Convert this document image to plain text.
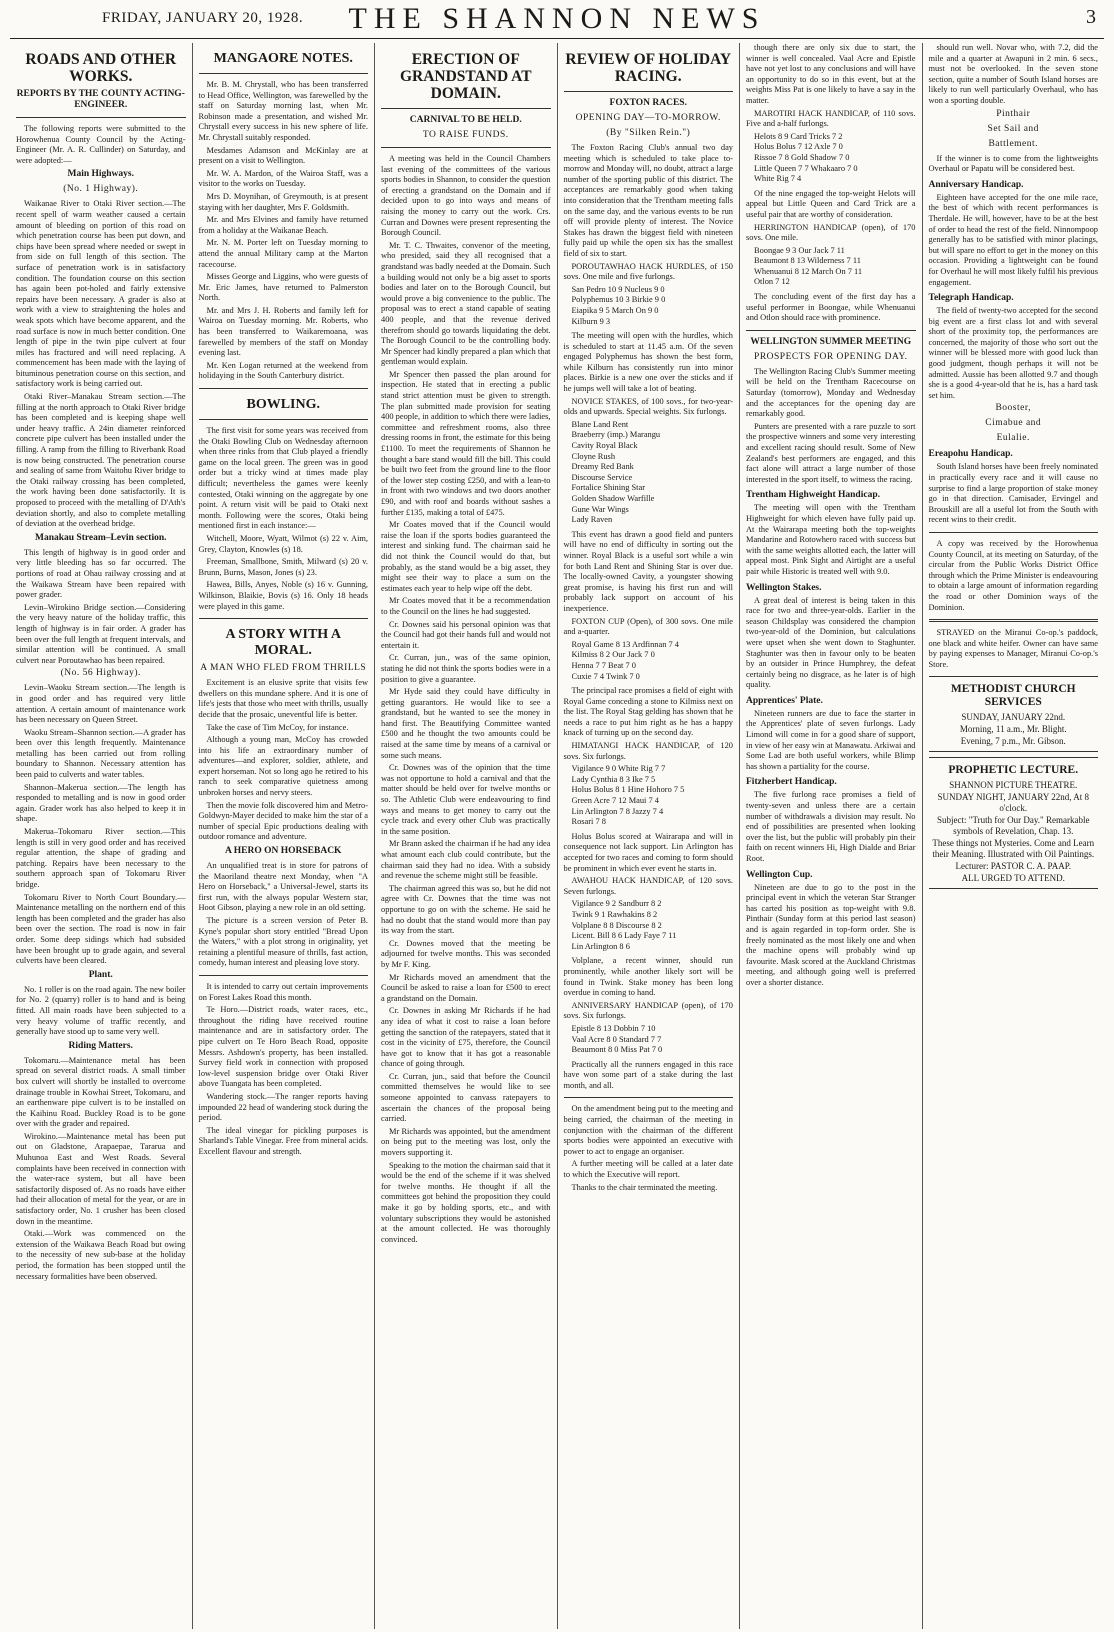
FRIDAY, JANUARY 20, 1928.	THE SHANNON NEWS	3
ROADS AND OTHER WORKS.
REPORTS BY THE COUNTY ACTING-ENGINEER.

The following reports were submitted to the Horowhenua County Council by the Acting-Engineer (Mr. A. R. Cullinder) on Saturday, and were adopted:—

Main Highways.
(No. 1 Highway).

Waikanae River to Otaki River section.—The recent spell of warm weather caused a certain amount of bleeding on portion of this road on which penetration course has been put down, and chips have been spread where needed or swept in from side on full length of this section. The surface of penetration work is in satisfactory condition. The foundation course on this section has again been pot-holed and fairly extensive repairs have been necessary. A grader is also at work with a view to straightening the holes and weak spots which have become apparent, and the road surface is now in much better condition. One length of pipe in the twin pipe culvert at four miles has fractured and will need replacing. A commencement has been made with the laying of bituminous penetration course on this section, and satisfactory work is being carried out.

Otaki River–Manakau Stream section.—The filling at the north approach to Otaki River bridge has been completed and is keeping shape well under heavy traffic. A 24in diameter reinforced concrete pipe culvert has been installed under the filling. A ramp from the filling to Riverbank Road is now being constructed. The penetration course and sealing of same from Waitohu River bridge to the Otaki railway crossing has been completed, the work having been done satisfactorily. It is proposed to proceed with the metalling of D'Ath's deviation shortly, and also to complete metalling of deviation at the overhead bridge.

Manakau Stream–Levin section.

This length of highway is in good order and very little bleeding has so far occurred. The portions of road at Ohau railway crossing and at the Waikawa Stream have been repaired with power grader.

Levin–Wirokino Bridge section.—Considering the very heavy nature of the holiday traffic, this length of highway is in fair order. A grader has been over the full length at frequent intervals, and similar attention will be continued. A small culvert near Poroutawhao has been repaired.

(No. 56 Highway).

Levin–Waoku Stream section.—The length is in good order and has required very little attention. A certain amount of maintenance work has been necessary on Queen Street.

Waoku Stream–Shannon section.—A grader has been over this length frequently. Maintenance metalling has been carried out from rolling boundary to Shannon. Necessary attention has been paid to culverts and water tables.

Shannon–Makerua section.—The length has responded to metalling and is now in good order again. Grader work has also helped to keep it in shape.

Makerua–Tokomaru River section.—This length is still in very good order and has received regular attention, the shape of grading and patching. Repairs have been necessary to the southern approach span of Tokomaru River bridge.

Tokomaru River to North Court Boundary.—Maintenance metalling on the northern end of this length has been completed and the grader has also been over the section. The road is now in fair order. Some deep sidings which had subsided have been brought up to grade again, and several culverts have been cleared.

Plant.

No. 1 roller is on the road again. The new boiler for No. 2 (quarry) roller is to hand and is being fitted. All main roads have been subjected to a very heavy volume of traffic recently, and generally have stood up to same very well.

Riding Matters.

Tokomaru.—Maintenance metal has been spread on several district roads. A small timber box culvert will shortly be installed to overcome drainage trouble in Kowhai Street, Tokomaru, and an earthenware pipe culvert is to be installed on the Kaihinu Road. Buckley Road is to be gone over with the grader and repaired.

Wirokino.—Maintenance metal has been put out on Gladstone, Arapaepae, Tararua and Muhunoa East and West Roads. Several complaints have been received in connection with the water-race system, but all have been satisfactorily disposed of. As no roads have either had their allocation of metal for the year, or are in satisfactory order, No. 1 crusher has been closed down in the meantime.

Otaki.—Work was commenced on the extension of the Waikawa Beach Road but owing to the necessity of new sub-base at the holiday period, the formation has been stopped until the necessary formalities have been observed.

MANGAORE NOTES.

Mr. B. M. Chrystall, who has been transferred to Head Office, Wellington, was farewelled by the staff on Saturday morning last, when Mr. Robinson made a presentation, and wished Mr. Chrystall every success in his new sphere of life. Mr. Chrystall suitably responded.

Mesdames Adamson and McKinlay are at present on a visit to Wellington.

Mr. W. A. Mardon, of the Wairoa Staff, was a visitor to the works on Tuesday.

Mrs D. Moynihan, of Greymouth, is at present staying with her daughter, Mrs F. Goldsmith.

Mr. and Mrs Elvines and family have returned from a holiday at the Waikanae Beach.

Mr. N. M. Porter left on Tuesday morning to attend the annual Military camp at the Marton racecourse.

Misses George and Liggins, who were guests of Mr. Eric James, have returned to Palmerston North.

Mr. and Mrs J. H. Roberts and family left for Wairoa on Tuesday morning. Mr. Roberts, who has been transferred to Waikaremoana, was farewelled by members of the staff on Monday evening last.

Mr. Ken Logan returned at the weekend from holidaying in the South Canterbury district.

BOWLING.

The first visit for some years was received from the Otaki Bowling Club on Wednesday afternoon when three rinks from that Club played a friendly game on the local green. The green was in good order but a tricky wind at times made play difficult; nevertheless the games were keenly contested, Otaki winning on the aggregate by one point. A return visit will be paid to Otaki next month. Following were the scores, Otaki being mentioned first in each instance:—

Witchell, Moore, Wyatt, Wilmot (s) 22 v. Aim, Grey, Clayton, Knowles (s) 18.

Freeman, Smallbone, Smith, Milward (s) 20 v. Brunn, Burns, Mason, Jones (s) 23.

Hawea, Bills, Anyes, Noble (s) 16 v. Gunning, Wilkinson, Blaikie, Bovis (s) 16. Only 18 heads were played in this game.

A STORY WITH A MORAL.
A MAN WHO FLED FROM THRILLS

Excitement is an elusive sprite that visits few dwellers on this mundane sphere. And it is one of life's jests that those who meet with thrills, usually decide that the prosaic, uneventful life is better.

Take the case of Tim McCoy, for instance.

Although a young man, McCoy has crowded into his life an extraordinary number of adventures—and explorer, soldier, athlete, and expert horseman. Not so long ago he retired to his ranch to seek comparative quietness among unbroken horses and nervy steers.

Then the movie folk discovered him and Metro-Goldwyn-Mayer decided to make him the star of a number of special Epic productions dealing with outdoor romance and adventure.

A HERO ON HORSEBACK

An unqualified treat is in store for patrons of the Maoriland theatre next Monday, when "A Hero on Horseback," a Universal-Jewel, starts its first run, with the always popular Western star, Hoot Gibson, playing a new role in an old setting.

The picture is a screen version of Peter B. Kyne's popular short story entitled "Bread Upon the Waters," with a plot strong in originality, yet retaining a plentiful measure of thrills, fast action, comedy, human interest and pleasing love story.

It is intended to carry out certain improvements on Forest Lakes Road this month.

Te Horo.—District roads, water races, etc., throughout the riding have received routine maintenance and are in satisfactory order. The pipe culvert on Te Horo Beach Road, opposite Messrs. Ashdown's property, has been installed. Survey field work in connection with proposed low-level suspension bridge over Otaki River above Tuangata has been completed.

Wandering stock.—The ranger reports having impounded 22 head of wandering stock during the period.

The ideal vinegar for pickling purposes is Sharland's Table Vinegar. Free from mineral acids. Excellent flavour and strength.

ERECTION OF GRANDSTAND AT DOMAIN.
CARNIVAL TO BE HELD.
TO RAISE FUNDS.

A meeting was held in the Council Chambers last evening of the committees of the various sports bodies in Shannon, to consider the question of erecting a grandstand on the Domain and if decided upon to go into ways and means of raising the money to carry out the work. Crs. Curran and Downes were present representing the Borough Council.

Mr. T. C. Thwaites, convenor of the meeting, who presided, said they all recognised that a grandstand was badly needed at the Domain. Such a building would not only be a big asset to sports bodies and later on to the Borough Council, but would prove a big convenience to the public. The proposal was to erect a stand capable of seating 400 people, and that the revenue derived therefrom should go towards liquidating the debt. The Borough Council to be the controlling body. Mr Spencer had kindly prepared a plan which that gentleman would explain.

Mr Spencer then passed the plan around for inspection. He stated that in erecting a public stand strict attention must be given to strength. The plan submitted made provision for seating 400 people, in addition to which there were ladies, committee and refreshment rooms, also three dressing rooms in front, the estimate for this being £1100. To meet the requirements of Shannon he thought a bare stand would fill the bill. This could be built two feet from the ground line to the floor of the lower step costing £250, and with a lean-to in front with two windows and two doors another £90, and with roof and boards without sashes a further £135, making a total of £475.

Mr Coates moved that if the Council would raise the loan if the sports bodies guaranteed the interest and sinking fund. The chairman said he did not think the Council would do that, but probably, as the stand would be a big asset, they might see their way to place a sum on the estimates each year to help wipe off the debt.

Mr Coates moved that it be a recommendation to the Council on the lines he had suggested.

Cr. Downes said his personal opinion was that the Council had got their hands full and would not entertain it.

Cr. Curran, jun., was of the same opinion, stating he did not think the sports bodies were in a position to give a guarantee.

Mr Hyde said they could have difficulty in getting guarantors. He would like to see a grandstand, but he wanted to see the money in hand first. The Beautifying Committee wanted £500 and he thought the two amounts could be raised at the same time by means of a carnival or some such means.

Cr. Downes was of the opinion that the time was not opportune to hold a carnival and that the matter should be held over for twelve months or so. The Athletic Club were endeavouring to find ways and means to get money to carry out the cycle track and every other Club was practically in the same position.

Mr Brann asked the chairman if he had any idea what amount each club could contribute, but the chairman said they had no idea. With a subsidy and revenue the scheme might still be feasible.

The chairman agreed this was so, but he did not agree with Cr. Downes that the time was not opportune to go on with the scheme. He said he had no doubt that the stand would more than pay its way from the start.

Cr. Downes moved that the meeting be adjourned for twelve months. This was seconded by Mr F. King.

Mr Richards moved an amendment that the Council be asked to raise a loan for £500 to erect a grandstand on the Domain.

Cr. Downes in asking Mr Richards if he had any idea of what it cost to raise a loan before getting the sanction of the ratepayers, stated that it cost in the vicinity of £75, therefore, the Council have got to know that it has got a reasonable chance of going through.

Cr. Curran, jun., said that before the Council committed themselves he would like to see someone appointed to canvass ratepayers to ascertain the chances of the proposal being carried.

Mr Richards was appointed, but the amendment on being put to the meeting was lost, only the movers supporting it.

Speaking to the motion the chairman said that it would be the end of the scheme if it was shelved for twelve months. He thought if all the committees got behind the proposition they could make it go by holding sports, etc., and with voluntary subscriptions they would be astonished at the amount collected. He was thoroughly convinced.

REVIEW OF HOLIDAY RACING.
FOXTON RACES.
OPENING DAY—TO-MORROW.
(By "Silken Rein.")

The Foxton Racing Club's annual two day meeting which is scheduled to take place to-morrow and Monday will, no doubt, attract a large number of the sporting public of this district. The acceptances are remarkably good when taking into consideration that the Trentham meeting falls on the same day, and the various events to be run off will provide plenty of interest. The Novice Stakes has drawn the biggest field with nineteen fully paid up while the open six has the smallest field of six to start.

POROUTAWHAO HACK HURDLES, of 150 sovs. One mile and five furlongs.

San Pedro 10 9 Nucleus 9 0
Polyphemus 10 3 Birkie 9 0
Eiapika 9 5 March On 9 0
Kilburn 9 3

The meeting will open with the hurdles, which is scheduled to start at 11.45 a.m. Of the seven engaged Polyphemus has shown the best form, while Kilburn has consistently run into minor places. Birkie is a new one over the sticks and if he jumps well will take a lot of beating.

NOVICE STAKES, of 100 sovs., for two-year-olds and upwards. Special weights. Six furlongs.

Blane Land Rent
Braeberry (imp.) Marangu
Cavity Royal Black
Cloyne Rush
Dreamy Red Bank
Discourse Service
Fortalice Shining Star
Golden Shadow Warfille
Gune War Wings
Lady Raven

This event has drawn a good field and punters will have no end of difficulty in sorting out the winner. Royal Black is a useful sort while a win for both Land Rent and Shining Star is over due. The locally-owned Cavity, a youngster showing great promise, is having his first run and will probably lack support on account of his inexperience.

FOXTON CUP (Open), of 300 sovs. One mile and a-quarter.

Royal Game 8 13 Ardfinnan 7 4
Kilmiss 8 2 Our Jack 7 0
Henna 7 7 Beat 7 0
Cuxie 7 4 Twink 7 0

The principal race promises a field of eight with Royal Game conceding a stone to Kilmiss next on the list. The Royal Stag gelding has shown that he needs a race to put him right as he has a happy knack of turning up on the second day.

HIMATANGI HACK HANDICAP, of 120 sovs. Six furlongs.

Vigilance 9 0 White Rig 7 7
Lady Cynthia 8 3 Ike 7 5
Holus Bolus 8 1 Hine Hohoro 7 5
Green Acre 7 12 Maui 7 4
Lin Arlington 7 8 Jazzy 7 4
Rosari 7 8

Holus Bolus scored at Wairarapa and will in consequence not lack support. Lin Arlington has accepted for two races and coming to form should be prominent in which ever event he starts in.

AWAHOU HACK HANDICAP, of 120 sovs. Seven furlongs.

Vigilance 9 2 Sandburr 8 2
Twink 9 1 Rawhakins 8 2
Volplane 8 8 Discourse 8 2
Licent. Bill 8 6 Lady Faye 7 11
Lin Arlington 8 6

Volplane, a recent winner, should run prominently, while another likely sort will be found in Twink. Stake money has been long overdue in coming to hand.

ANNIVERSARY HANDICAP (open), of 170 sovs. Six furlongs.

Epistle 8 13 Dobbin 7 10
Vaal Acre 8 0 Standard 7 7
Beaumont 8 0 Miss Pat 7 0

Practically all the runners engaged in this race have won some part of a stake during the last month, and all.

On the amendment being put to the meeting and being carried, the chairman of the meeting in conjunction with the chairman of the different sports bodies were appointed an executive with power to act to engage an organiser.

A further meeting will be called at a later date to which the Executive will report.

Thanks to the chair terminated the meeting.

though there are only six due to start, the winner is well concealed. Vaal Acre and Epistle have not yet lost to any conclusions and will have an opportunity to do so in this event, but at the weights Miss Pat is one likely to have a say in the matter.

MAROTIRI HACK HANDICAP, of 110 sovs. Five and a-half furlongs.

Helots 8 9 Card Tricks 7 2
Holus Bolus 7 12 Axle 7 0
Rissoe 7 8 Gold Shadow 7 0
Little Queen 7 7 Whakaaro 7 0
White Rig 7 4

Of the nine engaged the top-weight Helots will appeal but Little Queen and Card Trick are a useful pair that are worthy of consideration.

HERRINGTON HANDICAP (open), of 170 sovs. One mile.

Boongae 9 3 Our Jack 7 11
Beaumont 8 13 Wilderness 7 11
Whenuanui 8 12 March On 7 11
Otlon 7 12

The concluding event of the first day has a useful performer in Boongae, while Whenuanui and Otlon should race with prominence.

WELLINGTON SUMMER MEETING
PROSPECTS FOR OPENING DAY.

The Wellington Racing Club's Summer meeting will be held on the Trentham Racecourse on Saturday (tomorrow), Monday and Wednesday and the acceptances for the opening day are remarkably good.

Punters are presented with a rare puzzle to sort the prospective winners and some very interesting and excellent racing should result. Some of New Zealand's best performers are engaged, and this fact alone will attract a large number of those interested in the sport itself, to witness the racing.

Trentham Highweight Handicap.

The meeting will open with the Trentham Highweight for which eleven have fully paid up. At the Wairarapa meeting both the top-weights Mandarine and Rotowhero raced with success but with the same weights allotted each, the latter will appeal most. Pink Sight and Airtight are a useful pair while Historic is treated well with 9.0.

Wellington Stakes.

A great deal of interest is being taken in this race for two and three-year-olds. Earlier in the season Childsplay was considered the champion two-year-old of the Dominion, but calculations were upset when she went down to Staghunter. Staghunter was then in favour only to be beaten by an outsider in Prince Humphrey, the defeat certainly being no disgrace, as he later is of high quality.

Apprentices' Plate.

Nineteen runners are due to face the starter in the Apprentices' plate of seven furlongs. Lady Limond will come in for a good share of support, in view of her easy win at Manawatu. Arkiwai and Some Lad are both useful workers, while Blimp has shown a partiality for the course.

Fitzherbert Handicap.

The five furlong race promises a field of twenty-seven and unless there are a certain number of withdrawals a division may result. No end of possibilities are presented when looking over the list, but the public will probably pin their faith on recent winners Hi, High Dialde and Briar Root.

Wellington Cup.

Nineteen are due to go to the post in the principal event in which the veteran Star Stranger has carted his position as top-weight with 9.8. Pinthair (Sunday form at this period last season) and is again regarded in top-form order. She is freely nominated as the most likely one and when the machine opens will probably wind up favourite. Mask scored at the Auckland Christmas meeting, and although going well is preferred over a shorter distance.

should run well. Novar who, with 7.2, did the mile and a quarter at Awapuni in 2 min. 6 secs., must not be overlooked. In the seven stone section, quite a number of South Island horses are likely to run well particularly Overhaul, who has won a sporting double.

Pinthair
Set Sail and
Battlement.

If the winner is to come from the lightweights Overhaul or Papatu will be considered best.

Anniversary Handicap.

Eighteen have accepted for the one mile race, the best of which with recent performances is Therdale. He will, however, have to be at the best of order to head the rest of the field. Ninnompoop generally has to be satisfied with minor placings, but will spare no effort to get in the money on this occasion. Providing a lightweight can be found for Overhaul he will most likely fulfil his previous engagement.

Telegraph Handicap.

The field of twenty-two accepted for the second big event are a first class lot and with several short of the proximity top, the performances are concerned, the majority of those who sort out the winner will be blessed more with good luck than good judgment, though perhaps it will not be admitted. Aussie has been allotted 9.7 and though she is a good 4-year-old that he is, has a hard task set him.

Booster,
Cimabue and
Eulalie.
Ereapohu Handicap.

South Island horses have been freely nominated in practically every race and it will cause no surprise to find a large proportion of stake money go in that direction. Camisader, Ervingel and Brouskill are all a useful lot from the South with recent wins to their credit.

A copy was received by the Horowhenua County Council, at its meeting on Saturday, of the circular from the Public Works District Office through which the Prime Minister is endeavouring to obtain a large amount of information regarding the road or other Dominion ways of the Dominion.

STRAYED on the Miranui Co-op.'s paddock, one black and white heifer. Owner can have same by paying expenses to Manager, Miranui Co-op.'s Store.

METHODIST CHURCH SERVICES
SUNDAY, JANUARY 22nd.
Morning, 11 a.m., Mr. Blight.
Evening, 7 p.m., Mr. Gibson.
PROPHETIC LECTURE.
SHANNON PICTURE THEATRE.
SUNDAY NIGHT, JANUARY 22nd, At 8 o'clock.
Subject: "Truth for Our Day." Remarkable symbols of Revelation, Chap. 13.
These things not Mysteries. Come and Learn their Meaning. Illustrated with Oil Paintings.
Lecturer: PASTOR C. A. PAAP.
ALL URGED TO ATTEND.
